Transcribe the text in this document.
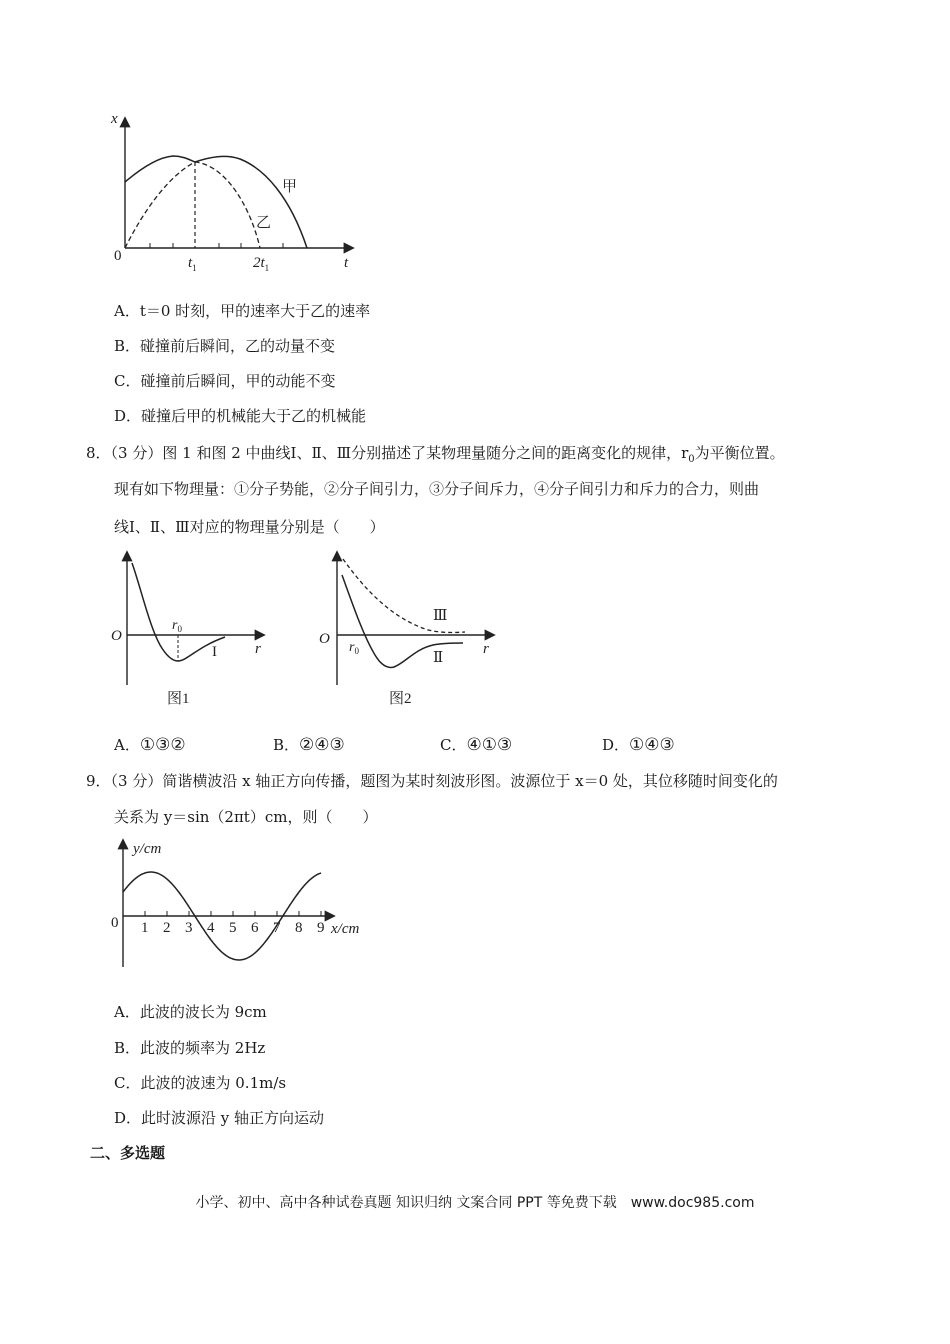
x
t
0
甲
乙
$t_1$	$2t_1$
A．t＝0 时刻，甲的速率大于乙的速率
B．碰撞前后瞬间，乙的动量不变
C．碰撞前后瞬间，甲的动能不变
D．碰撞后甲的机械能大于乙的机械能
8．（3 分）图 1 和图 2 中曲线Ⅰ、Ⅱ、Ⅲ分别描述了某物理量随分之间的距离变化的规律，$r_0$为平衡位置。
现有如下物理量：①分子势能，②分子间引力，③分子间斥力，④分子间引力和斥力的合力，则曲
线Ⅰ、Ⅱ、Ⅲ对应的物理量分别是（　　）
O
r
$r_0$
I
图1
O
r
$r_0$
Ⅲ
Ⅱ
图2
A．①③②	B．②④③	C．④①③	D．①④③
9．（3 分）简谐横波沿 x 轴正方向传播，题图为某时刻波形图。波源位于 x＝0 处，其位移随时间变化的
关系为 y＝sin（2πt）cm，则（　　）
y/cm
x/cm
0 1 2 3 4 5 6 7 8 9
A．此波的波长为 9cm
B．此波的频率为 2Hz
C．此波的波速为 0.1m/s
D．此时波源沿 y 轴正方向运动
二、多选题
小学、初中、高中各种试卷真题 知识归纳 文案合同 PPT 等免费下载　www.doc985.com
